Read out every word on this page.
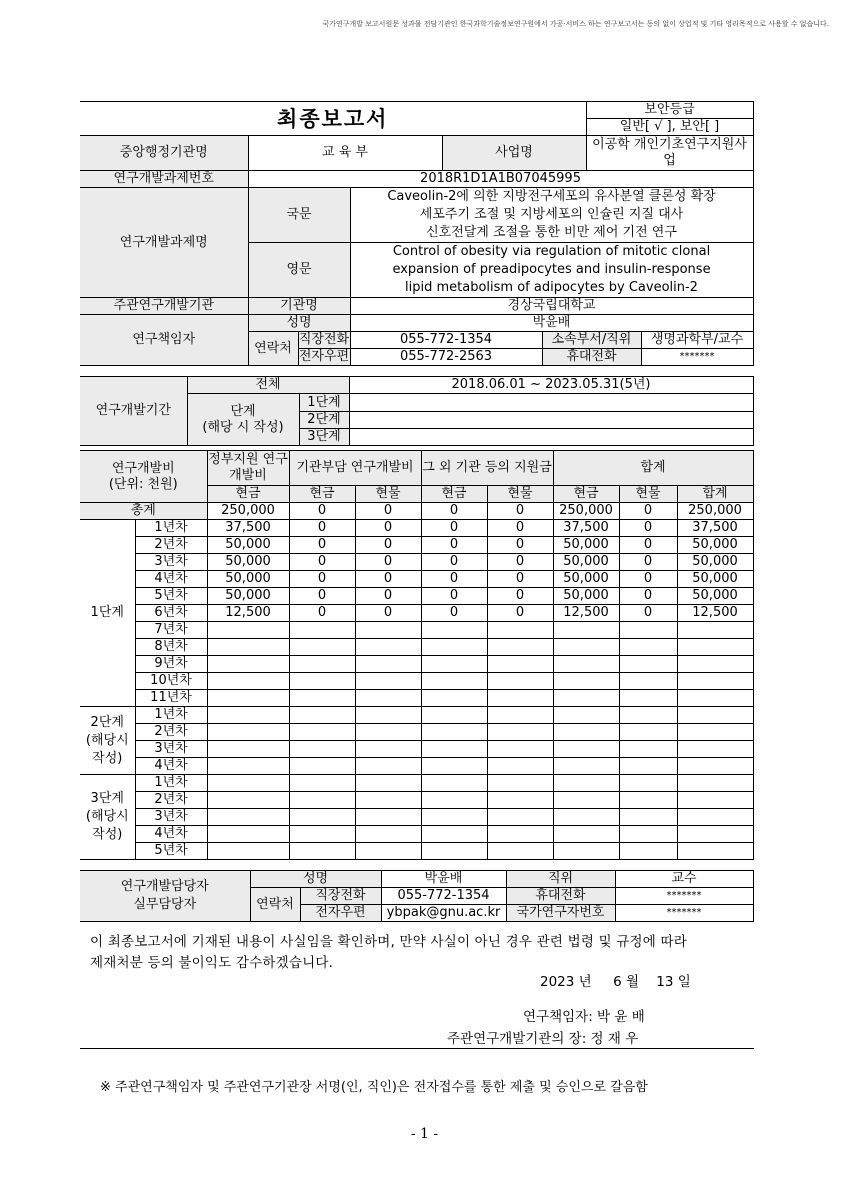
국가연구개발 보고서원문 성과물 전담기관인 한국과학기술정보연구원에서 가공·서비스 하는 연구보고서는 동의 없이 상업적 및 기타 영리목적으로 사용할 수 없습니다.
최종보고서						보안등급	
						일반[ √ ], 보안[ ]	
중앙행정기관명	교 육 부			사업명		이공학 개인기초연구지원사업	
연구개발과제번호	2018R1D1A1B07045995						
연구개발과제명	국문		Caveolin-2에 의한 지방전구세포의 유사분열 클론성 확장
세포주기 조절 및 지방세포의 인슐린 지질 대사
신호전달계 조절을 통한 비만 제어 기전 연구				

	영문		Control of obesity via regulation of mitotic clonal
expansion of preadipocytes and insulin-response
lipid metabolism of adipocytes by Caveolin-2				

주관연구개발기관	기관명		경상국립대학교				
연구책임자	성명		박윤배				
	연락처	직장전화	055-772-1354		소속부서/직위		생명과학부/교수
		전자우편	055-772-2563		휴대전화		*******
연구개발기간	전체		2018.06.01 ~ 2023.05.31(5년)

	단계
(해당 시 작성)	1단계	
		2단계	
		3단계	
연구개발비
(단위: 천원)		정부지원 연구개발비	기관부담 연구개발비		그 외 기관 등의 지원금		합계		

		현금	현금	현물	현금	현물	현금	현물	합계
총계		250,000	0	0	0	0	250,000	0	250,000
1단계	1년차	37,500	0	0	0	0	37,500	0	37,500
	2년차	50,000	0	0	0	0	50,000	0	50,000
	3년차	50,000	0	0	0	0	50,000	0	50,000
	4년차	50,000	0	0	0	0	50,000	0	50,000
	5년차	50,000	0	0	0	0	50,000	0	50,000
	6년차	12,500	0	0	0	0	12,500	0	12,500
	7년차								
	8년차								
	9년차								
	10년차								
	11년차								
2단계 (해당시 작성)	1년차								
	2년차								
	3년차								
	4년차								
3단계 (해당시 작성)	1년차								
	2년차								
	3년차								
	4년차								
	5년차								
연구개발담당자
실무담당자	성명		박윤배	직위	교수
	연락처	직장전화	055-772-1354	휴대전화	*******
		전자우편	ybpak@gnu.ac.kr	국가연구자번호	*******
이 최종보고서에 기재된 내용이 사실임을 확인하며, 만약 사실이 아닌 경우 관련 법령 및 규정에 따라
제재처분 등의 불이익도 감수하겠습니다.
2023 년     6 월    13 일
연구책임자: 박 윤 배
주관연구개발기관의 장: 정 재 우
※ 주관연구책임자 및 주관연구기관장 서명(인, 직인)은 전자접수를 통한 제출 및 승인으로 갈음함
- 1 -
